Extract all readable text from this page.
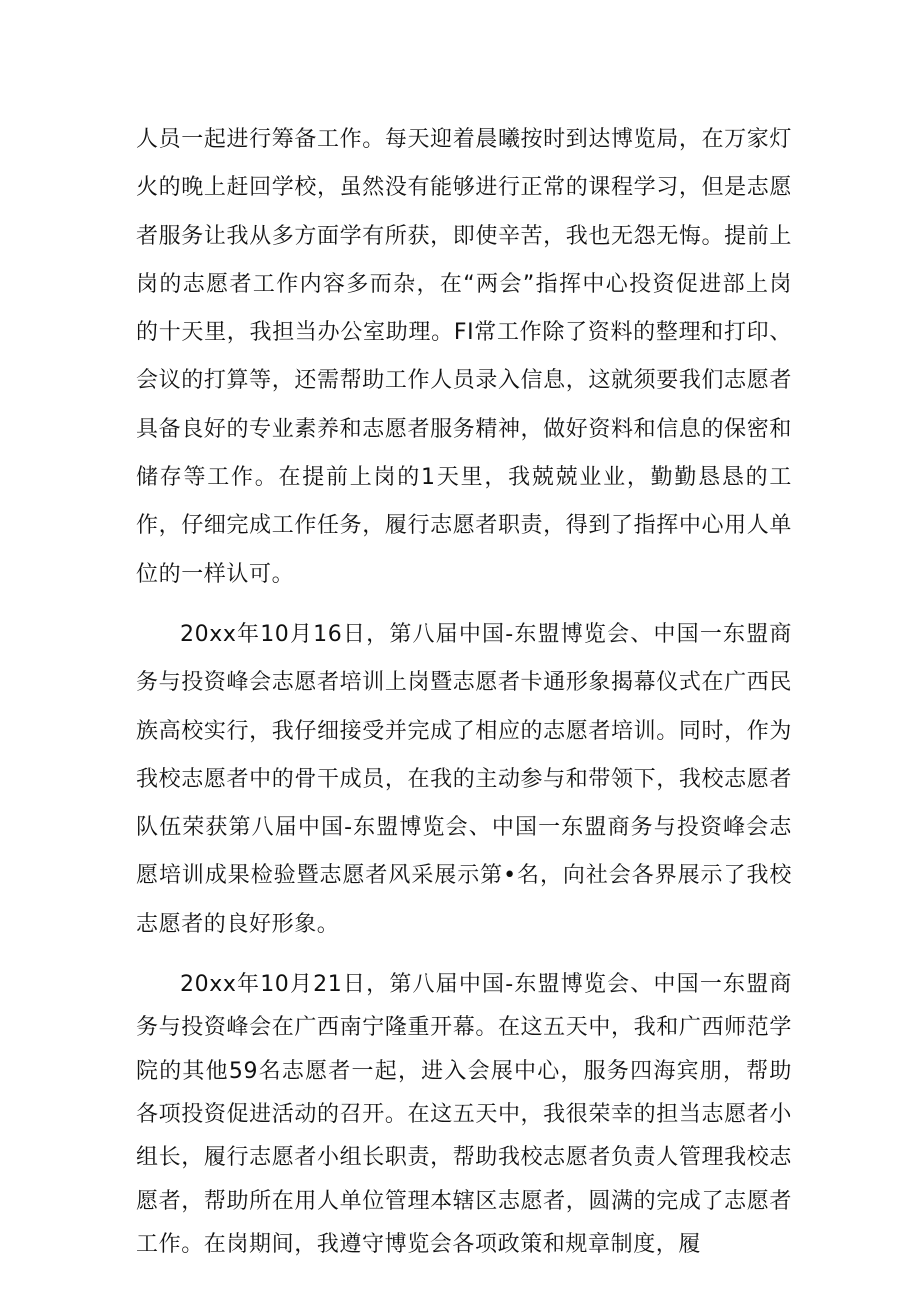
人员一起进行筹备工作。每天迎着晨曦按时到达博览局，在万家灯火的晚上赶回学校，虽然没有能够进行正常的课程学习，但是志愿者服务让我从多方面学有所获，即使辛苦，我也无怨无悔。提前上岗的志愿者工作内容多而杂，在“两会”指挥中心投资促进部上岗的十天里，我担当办公室助理。FI常工作除了资料的整理和打印、会议的打算等，还需帮助工作人员录入信息，这就须要我们志愿者具备良好的专业素养和志愿者服务精神，做好资料和信息的保密和储存等工作。在提前上岗的1天里，我兢兢业业，勤勤恳恳的工作，仔细完成工作任务，履行志愿者职责，得到了指挥中心用人单位的一样认可。

20xx年10月16日，第八届中国-东盟博览会、中国一东盟商务与投资峰会志愿者培训上岗暨志愿者卡通形象揭幕仪式在广西民族高校实行，我仔细接受并完成了相应的志愿者培训。同时，作为我校志愿者中的骨干成员，在我的主动参与和带领下，我校志愿者队伍荣获第八届中国-东盟博览会、中国一东盟商务与投资峰会志愿培训成果检验暨志愿者风采展示第•名，向社会各界展示了我校志愿者的良好形象。

20xx年10月21日，第八届中国-东盟博览会、中国一东盟商务与投资峰会在广西南宁隆重开幕。在这五天中，我和广西师范学院的其他59名志愿者一起，进入会展中心，服务四海宾朋，帮助各项投资促进活动的召开。在这五天中，我很荣幸的担当志愿者小组长，履行志愿者小组长职责，帮助我校志愿者负责人管理我校志愿者，帮助所在用人单位管理本辖区志愿者，圆满的完成了志愿者工作。在岗期间，我遵守博览会各项政策和规章制度，履
